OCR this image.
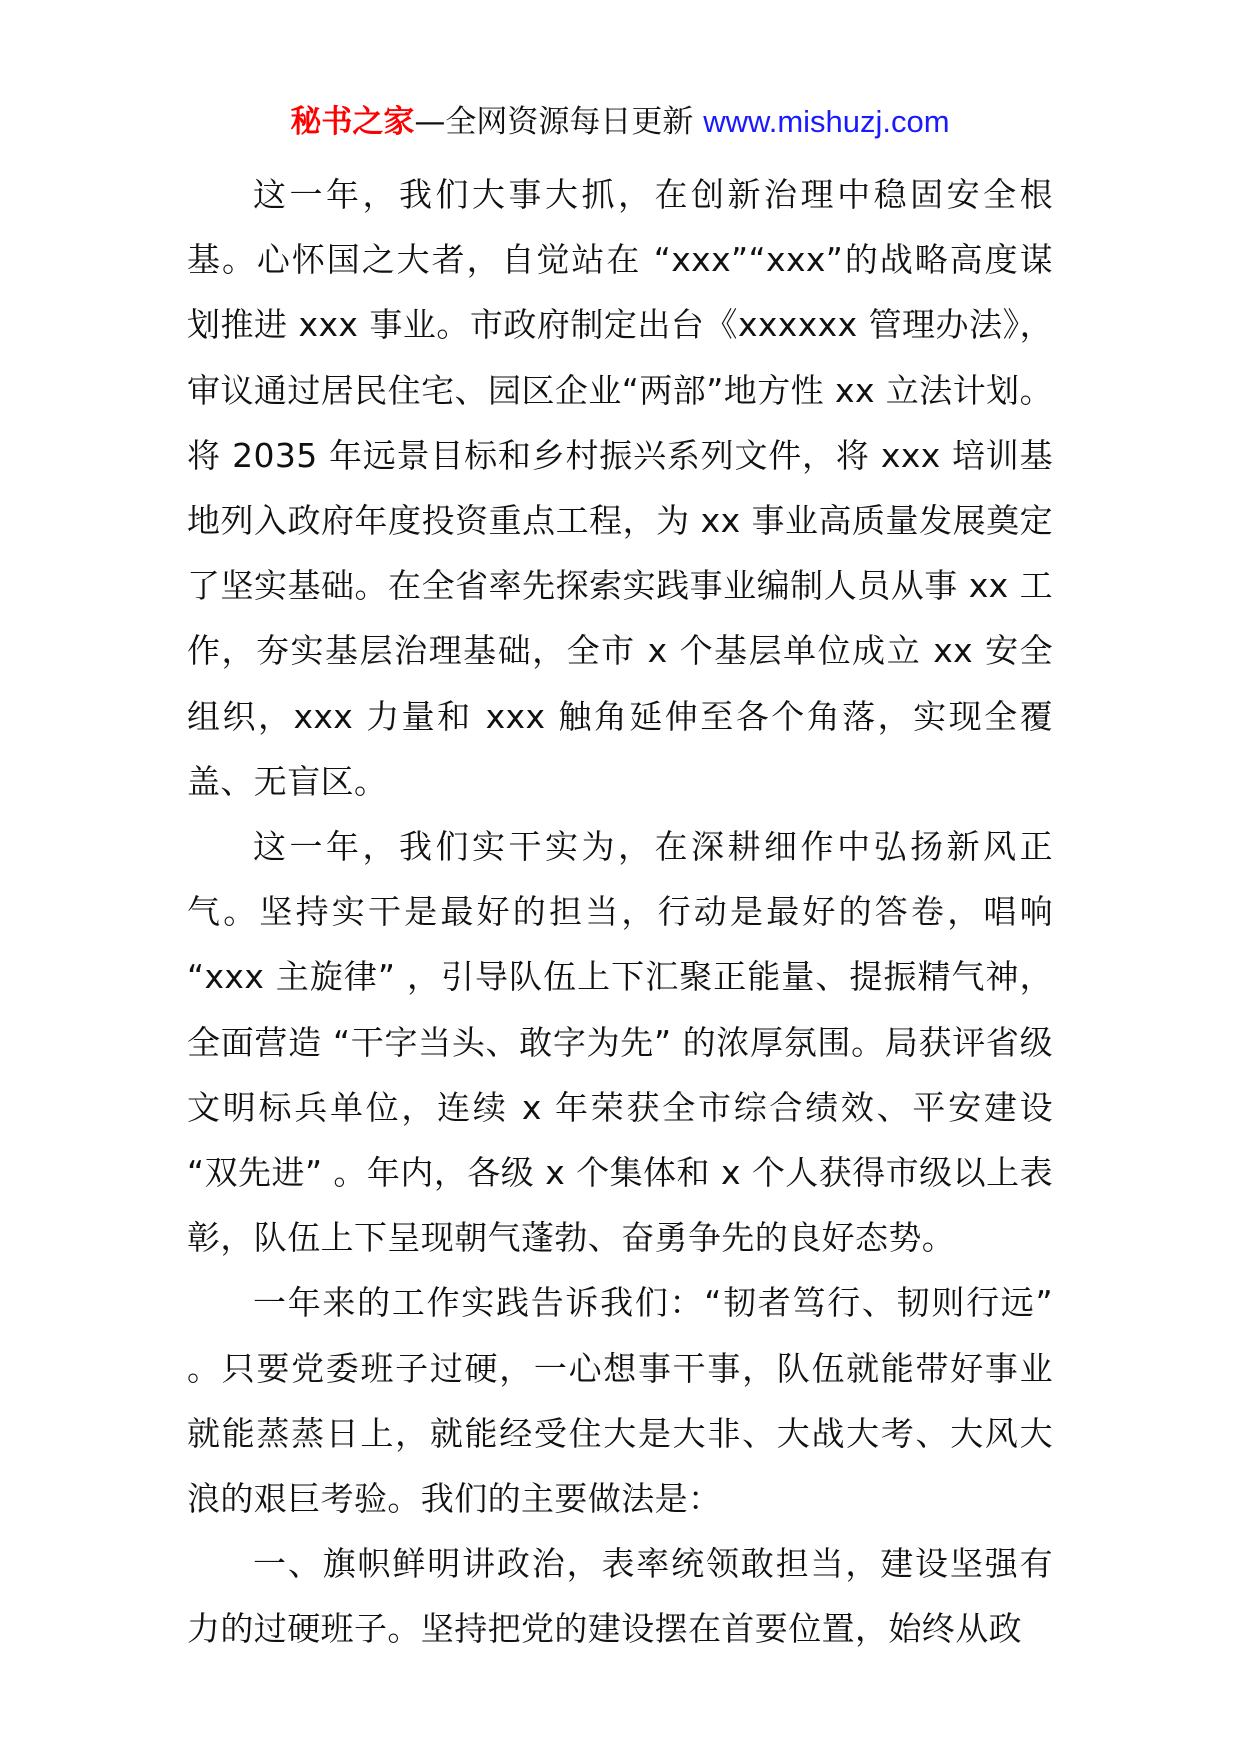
秘书之家—全网资源每日更新 www.mishuzj.com

这一年，我们大事大抓，在创新治理中稳固安全根基。心怀国之大者，自觉站在 “xxx”“xxx”的战略高度谋划推进 xxx 事业。市政府制定出台《xxxxxx 管理办法》，审议通过居民住宅、园区企业“两部”地方性 xx 立法计划。将 2035 年远景目标和乡村振兴系列文件，将 xxx 培训基地列入政府年度投资重点工程，为 xx 事业高质量发展奠定了坚实基础。在全省率先探索实践事业编制人员从事 xx 工作，夯实基层治理基础，全市 x 个基层单位成立 xx 安全组织，xxx 力量和 xxx 触角延伸至各个角落，实现全覆盖、无盲区。

这一年，我们实干实为，在深耕细作中弘扬新风正气。坚持实干是最好的担当，行动是最好的答卷，唱响 “xxx 主旋律” ，引导队伍上下汇聚正能量、提振精气神，全面营造 “干字当头、敢字为先” 的浓厚氛围。局获评省级文明标兵单位，连续 x 年荣获全市综合绩效、平安建设 “双先进” 。年内，各级 x 个集体和 x 个人获得市级以上表彰，队伍上下呈现朝气蓬勃、奋勇争先的良好态势。

一年来的工作实践告诉我们：“韧者笃行、韧则行远” 。只要党委班子过硬，一心想事干事，队伍就能带好事业就能蒸蒸日上，就能经受住大是大非、大战大考、大风大浪的艰巨考验。我们的主要做法是：

一、旗帜鲜明讲政治，表率统领敢担当，建设坚强有力的过硬班子。坚持把党的建设摆在首要位置，始终从政
